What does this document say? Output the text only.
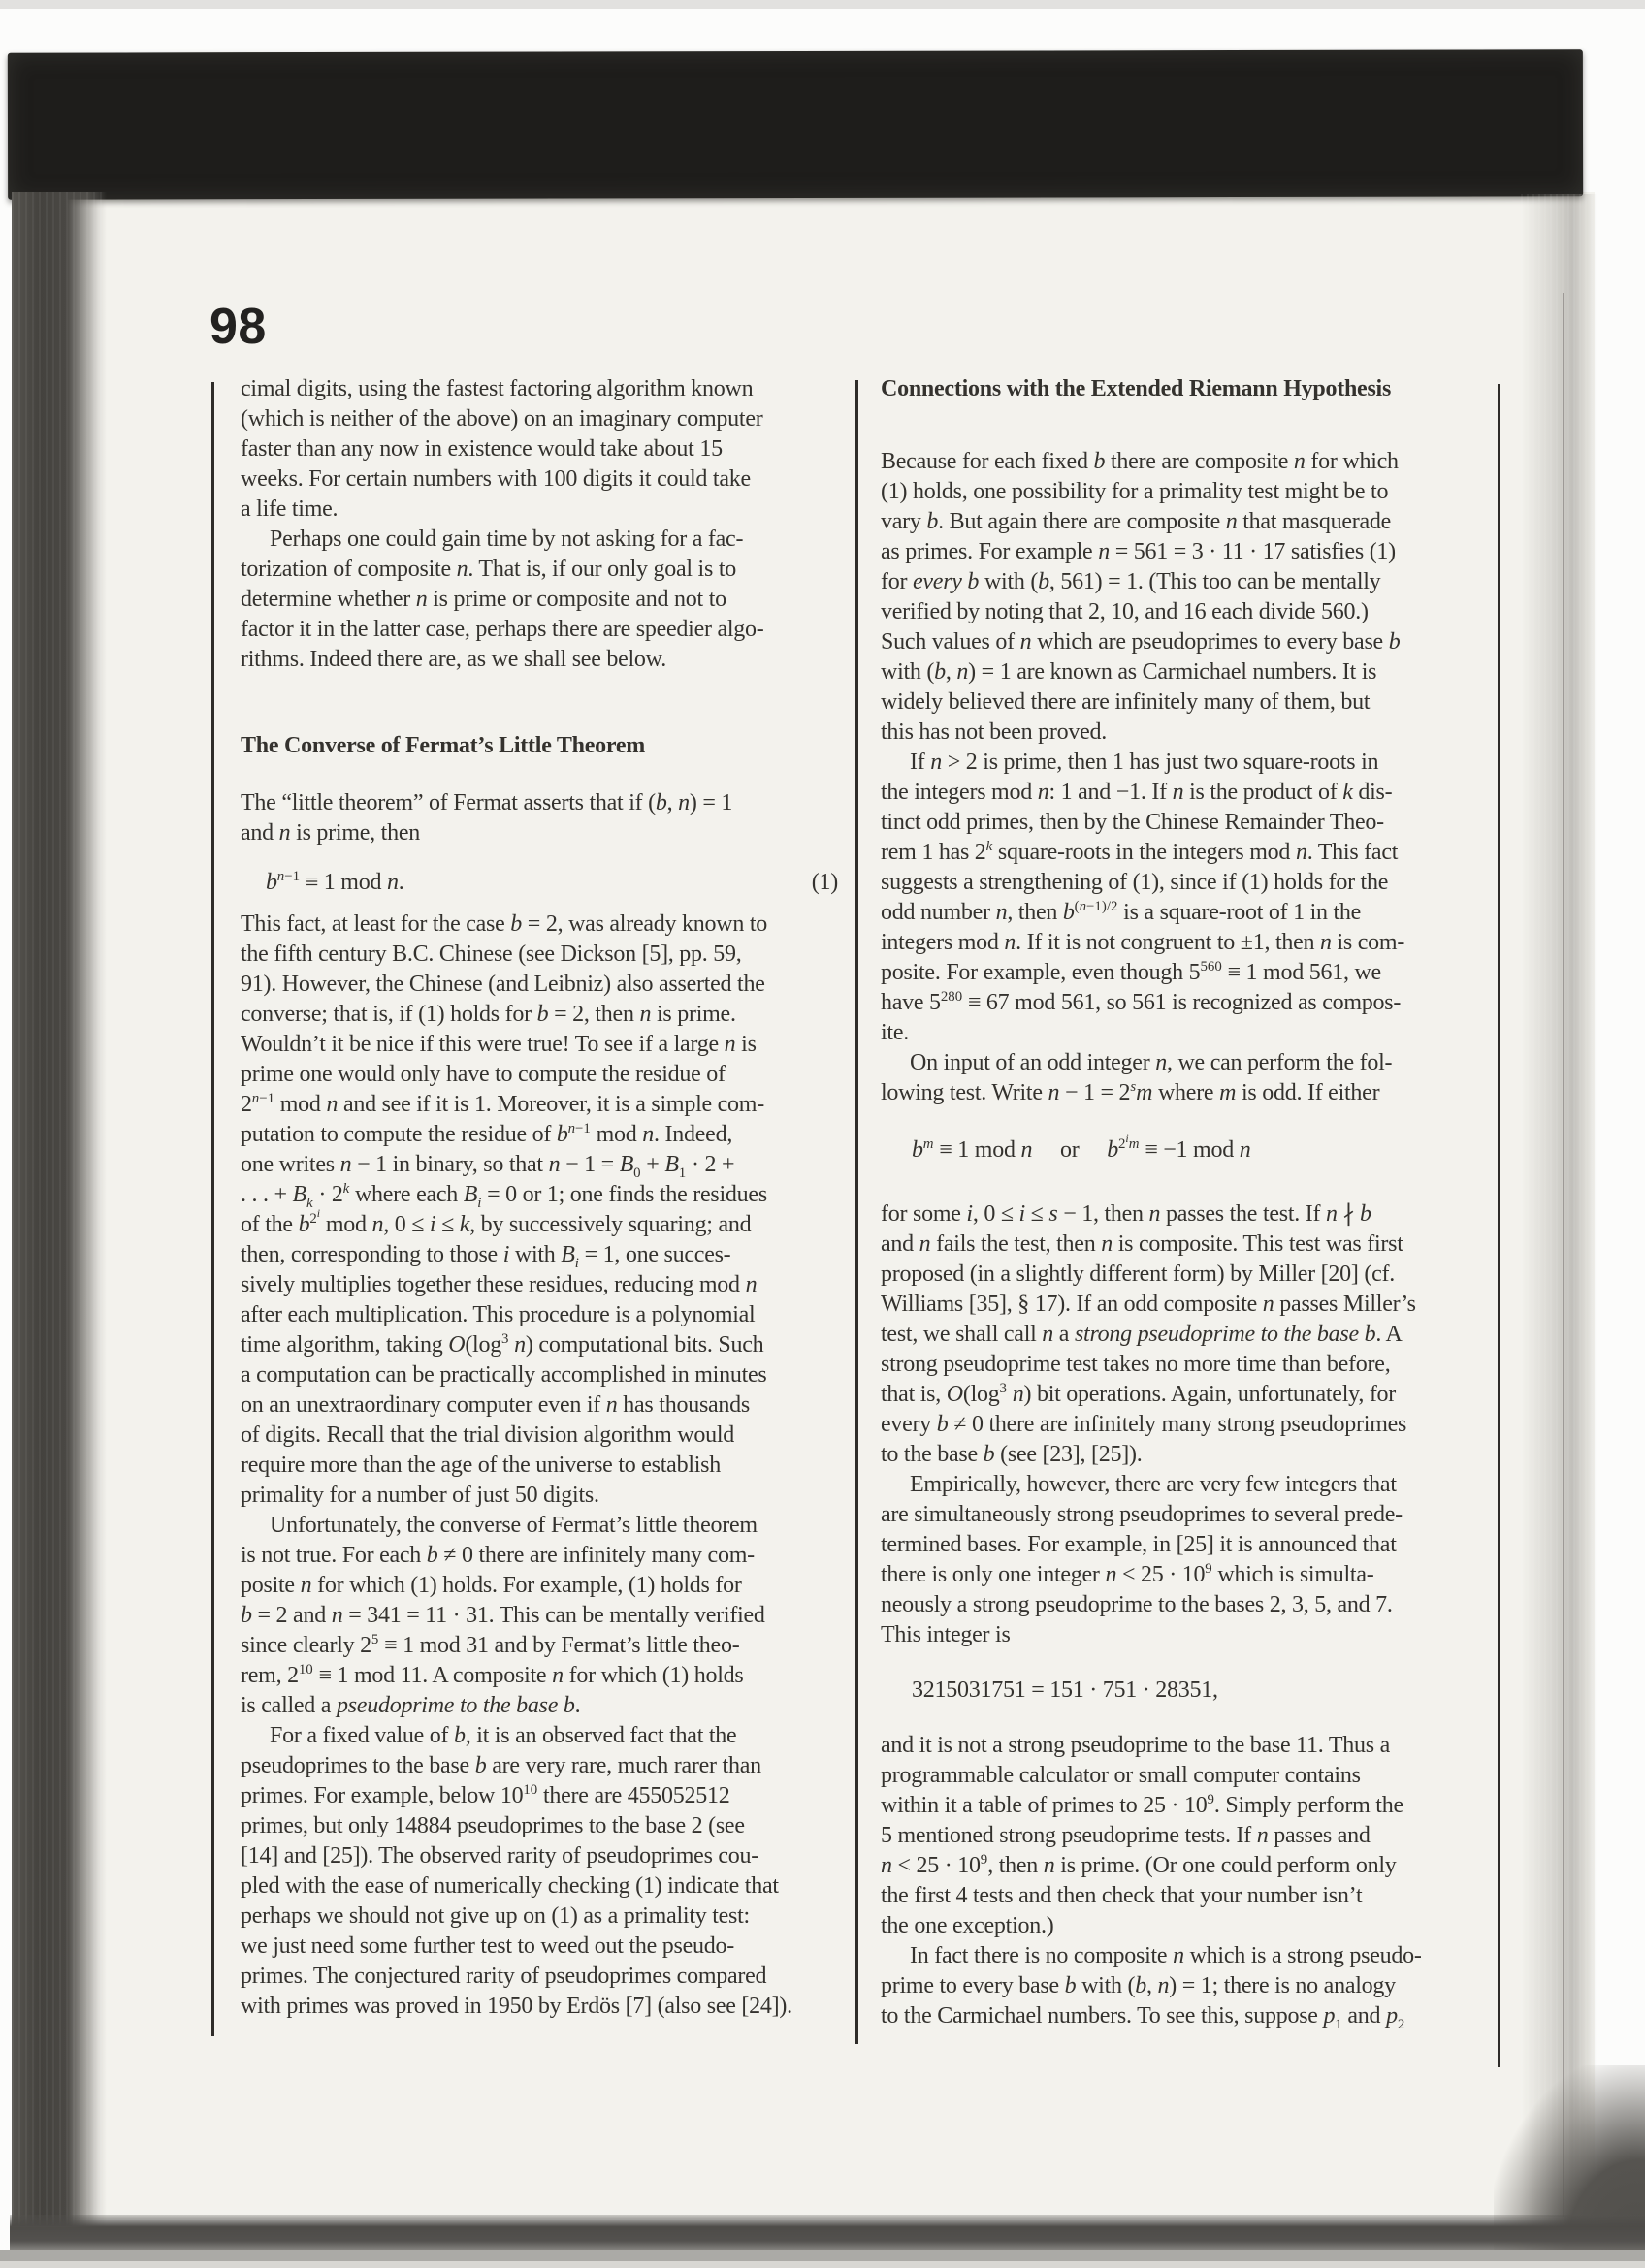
98
cimal digits, using the fastest factoring algorithm known
(which is neither of the above) on an imaginary computer
faster than any now in existence would take about 15
weeks. For certain numbers with 100 digits it could take
a life time.
Perhaps one could gain time by not asking for a fac-
torization of composite n. That is, if our only goal is to
determine whether n is prime or composite and not to
factor it in the latter case, perhaps there are speedier algo-
rithms. Indeed there are, as we shall see below.
The Converse of Fermat’s Little Theorem
The “little theorem” of Fermat asserts that if (b, n) = 1
and n is prime, then
$b^{n-1} \equiv 1$ mod n.	(1)
This fact, at least for the case b = 2, was already known to
the fifth century B.C. Chinese (see Dickson [5], pp. 59,
91). However, the Chinese (and Leibniz) also asserted the
converse; that is, if (1) holds for b = 2, then n is prime.
Wouldn’t it be nice if this were true! To see if a large n is
prime one would only have to compute the residue of
$2^{n-1}$ mod n and see if it is 1. Moreover, it is a simple com-
putation to compute the residue of $b^{n-1}$ mod n. Indeed,
one writes n − 1 in binary, so that $n - 1 = B_0 + B_1 \cdot 2$ +
. . . + $B_k \cdot 2^k$ where each $B_i = 0$ or 1; one finds the residues
of the $b^{2^i}$ mod n, 0 ≤ i ≤ k, by successively squaring; and
then, corresponding to those i with $B_i = 1$, one succes-
sively multiplies together these residues, reducing mod n
after each multiplication. This procedure is a polynomial
time algorithm, taking $O(\log^3$ n) computational bits. Such
a computation can be practically accomplished in minutes
on an unextraordinary computer even if n has thousands
of digits. Recall that the trial division algorithm would
require more than the age of the universe to establish
primality for a number of just 50 digits.
Unfortunately, the converse of Fermat’s little theorem
is not true. For each b ≠ 0 there are infinitely many com-
posite n for which (1) holds. For example, (1) holds for
b = 2 and n = 341 = 11 · 31. This can be mentally verified
since clearly $2^5 \equiv 1$ mod 31 and by Fermat’s little theo-
rem, $2^{10} \equiv 1$ mod 11. A composite n for which (1) holds
is called a pseudoprime to the base b.
For a fixed value of b, it is an observed fact that the
pseudoprimes to the base b are very rare, much rarer than
primes. For example, below $10^{10}$ there are 455052512
primes, but only 14884 pseudoprimes to the base 2 (see
[14] and [25]). The observed rarity of pseudoprimes cou-
pled with the ease of numerically checking (1) indicate that
perhaps we should not give up on (1) as a primality test:
we just need some further test to weed out the pseudo-
primes. The conjectured rarity of pseudoprimes compared
with primes was proved in 1950 by Erdös [7] (also see [24]).
Connections with the Extended Riemann Hypothesis
Because for each fixed b there are composite n for which
(1) holds, one possibility for a primality test might be to
vary b. But again there are composite n that masquerade
as primes. For example n = 561 = 3 · 11 · 17 satisfies (1)
for every b with (b, 561) = 1. (This too can be mentally
verified by noting that 2, 10, and 16 each divide 560.)
Such values of n which are pseudoprimes to every base b
with (b, n) = 1 are known as Carmichael numbers. It is
widely believed there are infinitely many of them, but
this has not been proved.
If n > 2 is prime, then 1 has just two square-roots in
the integers mod n: 1 and −1. If n is the product of k dis-
tinct odd primes, then by the Chinese Remainder Theo-
rem 1 has 2$^k$ square-roots in the integers mod n. This fact
suggests a strengthening of (1), since if (1) holds for the
odd number n, then $b^{(n-1)/2}$ is a square-root of 1 in the
integers mod n. If it is not congruent to ±1, then n is com-
posite. For example, even though $5^{560} \equiv 1$ mod 561, we
have $5^{280} \equiv 67$ mod 561, so 561 is recognized as compos-
ite.
On input of an odd integer n, we can perform the fol-
lowing test. Write $n - 1 = 2^sm$ where m is odd. If either
$b^m \equiv 1$ mod n     or     $b^{2^im} \equiv -1$ mod n
for some i, 0 ≤ i ≤ s − 1, then n passes the test. If n ∤ b
and n fails the test, then n is composite. This test was first
proposed (in a slightly different form) by Miller [20] (cf.
Williams [35], § 17). If an odd composite n passes Miller’s
test, we shall call n a strong pseudoprime to the base b. A
strong pseudoprime test takes no more time than before,
that is, $O(\log^3$ n) bit operations. Again, unfortunately, for
every b ≠ 0 there are infinitely many strong pseudoprimes
to the base b (see [23], [25]).
Empirically, however, there are very few integers that
are simultaneously strong pseudoprimes to several prede-
termined bases. For example, in [25] it is announced that
there is only one integer $n < 25 \cdot 10^9$ which is simulta-
neously a strong pseudoprime to the bases 2, 3, 5, and 7.
This integer is
3215031751 = 151 · 751 · 28351,
and it is not a strong pseudoprime to the base 11. Thus a
programmable calculator or small computer contains
within it a table of primes to $25 \cdot 10^9$. Simply perform the
5 mentioned strong pseudoprime tests. If n passes and
$n < 25 \cdot 10^9$, then n is prime. (Or one could perform only
the first 4 tests and then check that your number isn’t
the one exception.)
In fact there is no composite n which is a strong pseudo-
prime to every base b with (b, n) = 1; there is no analogy
to the Carmichael numbers. To see this, suppose $p_1$ and $p_2$
